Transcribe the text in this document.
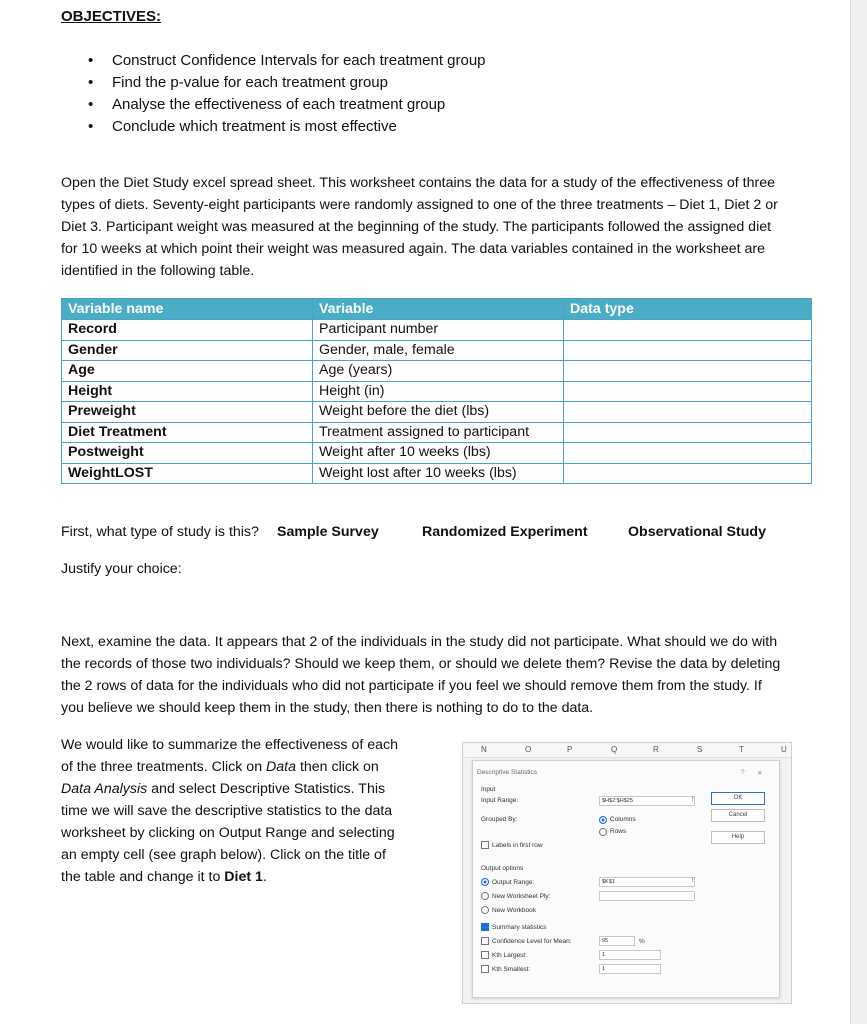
OBJECTIVES:
• Construct Confidence Intervals for each treatment group
• Find the p-value for each treatment group
• Analyse the effectiveness of each treatment group
• Conclude which treatment is most effective
Open the Diet Study excel spread sheet. This worksheet contains the data for a study of the effectiveness of three
types of diets. Seventy-eight participants were randomly assigned to one of the three treatments – Diet 1, Diet 2 or
Diet 3. Participant weight was measured at the beginning of the study. The participants followed the assigned diet
for 10 weeks at which point their weight was measured again. The data variables contained in the worksheet are
identified in the following table.
Variable name	Variable	Data type
Record	Participant number	
Gender	Gender, male, female	
Age	Age (years)	
Height	Height (in)	
Preweight	Weight before the diet (lbs)	
Diet Treatment	Treatment assigned to participant	
Postweight	Weight after 10 weeks (lbs)	
WeightLOST	Weight lost after 10 weeks (lbs)	
First, what type of study is this? Sample Survey	Randomized Experiment	Observational Study
Justify your choice:
Next, examine the data. It appears that 2 of the individuals in the study did not participate. What should we do with
the records of those two individuals? Should we keep them, or should we delete them? Revise the data by deleting
the 2 rows of data for the individuals who did not participate if you feel we should remove them from the study. If
you believe we should keep them in the study, then there is nothing to do to the data.
We would like to summarize the effectiveness of each
of the three treatments. Click on Data then click on
Data Analysis and select Descriptive Statistics. This
time we will save the descriptive statistics to the data
worksheet by clicking on Output Range and selecting
an empty cell (see graph below). Click on the title of
the table and change it to Diet 1.
N	O	P	Q	R	S	T	U
Descriptive Statistics	? ✕
Input
Input Range:	$H$2:$H$25	↑
Grouped By:	Columns
Rows
Labels in first row
Output options
Output Range:	$K$1	↑
New Worksheet Ply:
New Workbook
Summary statistics
Confidence Level for Mean:	95	%
Kth Largest:	1
Kth Smallest:	1
OK
Cancel
Help
